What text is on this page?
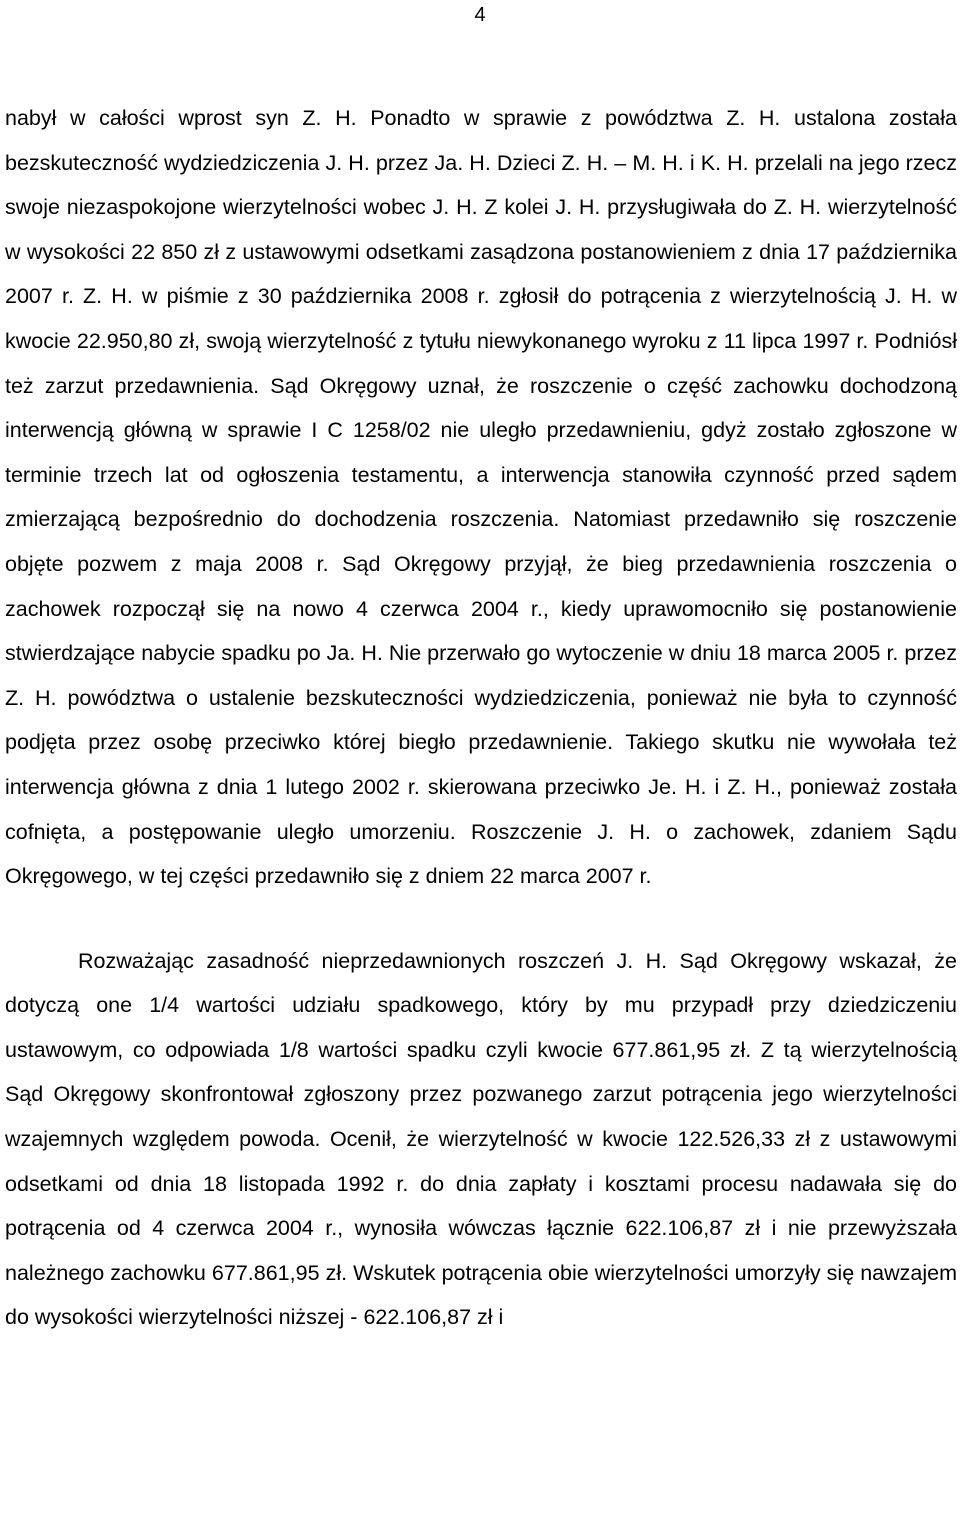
4

nabył w całości wprost syn Z. H. Ponadto w sprawie z powództwa Z. H. ustalona została bezskuteczność wydziedziczenia J. H. przez Ja. H. Dzieci Z. H. – M. H. i K. H. przelali na jego rzecz swoje niezaspokojone wierzytelności wobec J. H. Z kolei J. H. przysługiwała do Z. H. wierzytelność w wysokości 22 850 zł z ustawowymi odsetkami zasądzona postanowieniem z dnia 17 października 2007 r. Z. H. w piśmie z 30 października 2008 r. zgłosił do potrącenia z wierzytelnością J. H. w kwocie 22.950,80 zł, swoją wierzytelność z tytułu niewykonanego wyroku z 11 lipca 1997 r. Podniósł też zarzut przedawnienia. Sąd Okręgowy uznał, że roszczenie o część zachowku dochodzoną interwencją główną w sprawie I C 1258/02 nie uległo przedawnieniu, gdyż zostało zgłoszone w terminie trzech lat od ogłoszenia testamentu, a interwencja stanowiła czynność przed sądem zmierzającą bezpośrednio do dochodzenia roszczenia. Natomiast przedawniło się roszczenie objęte pozwem z maja 2008 r. Sąd Okręgowy przyjął, że bieg przedawnienia roszczenia o zachowek rozpoczął się na nowo 4 czerwca 2004 r., kiedy uprawomocniło się postanowienie stwierdzające nabycie spadku po Ja. H. Nie przerwało go wytoczenie w dniu 18 marca 2005 r. przez Z. H. powództwa o ustalenie bezskuteczności wydziedziczenia, ponieważ nie była to czynność podjęta przez osobę przeciwko której biegło przedawnienie. Takiego skutku nie wywołała też interwencja główna z dnia 1 lutego 2002 r. skierowana przeciwko Je. H. i Z. H., ponieważ została cofnięta, a postępowanie uległo umorzeniu. Roszczenie J. H. o zachowek, zdaniem Sądu Okręgowego, w tej części przedawniło się z dniem 22 marca 2007 r.

Rozważając zasadność nieprzedawnionych roszczeń J. H. Sąd Okręgowy wskazał, że dotyczą one 1/4 wartości udziału spadkowego, który by mu przypadł przy dziedziczeniu ustawowym, co odpowiada 1/8 wartości spadku czyli kwocie 677.861,95 zł. Z tą wierzytelnością Sąd Okręgowy skonfrontował zgłoszony przez pozwanego zarzut potrącenia jego wierzytelności wzajemnych względem powoda. Ocenił, że wierzytelność w kwocie 122.526,33 zł z ustawowymi odsetkami od dnia 18 listopada 1992 r. do dnia zapłaty i kosztami procesu nadawała się do potrącenia od 4 czerwca 2004 r., wynosiła wówczas łącznie 622.106,87 zł i nie przewyższała należnego zachowku 677.861,95 zł. Wskutek potrącenia obie wierzytelności umorzyły się nawzajem do wysokości wierzytelności niższej - 622.106,87 zł i
